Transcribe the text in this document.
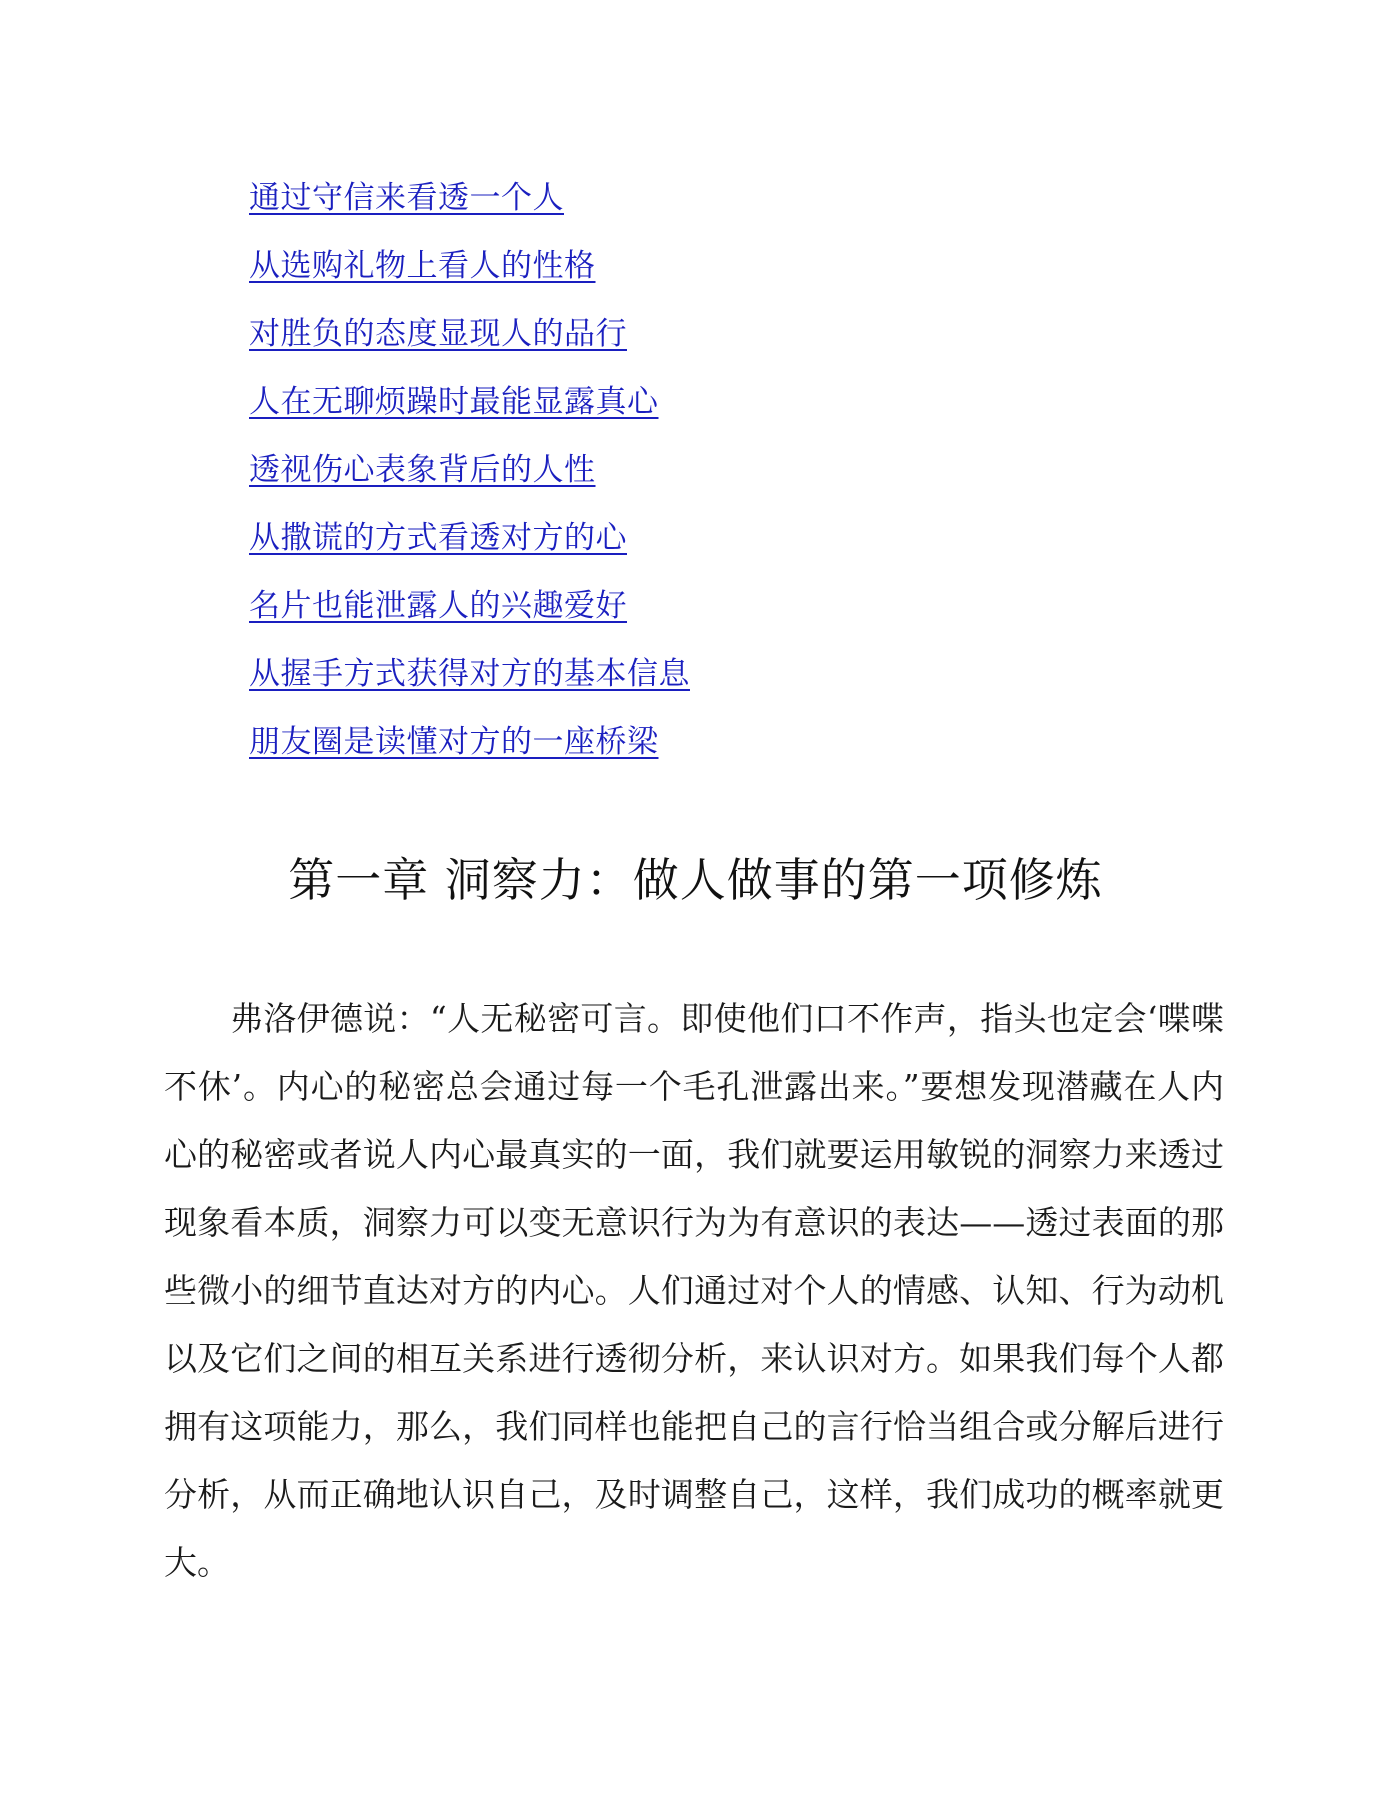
通过守信来看透一个人
从选购礼物上看人的性格
对胜负的态度显现人的品行
人在无聊烦躁时最能显露真心
透视伤心表象背后的人性
从撒谎的方式看透对方的心
名片也能泄露人的兴趣爱好
从握手方式获得对方的基本信息
朋友圈是读懂对方的一座桥梁
第一章 洞察力：做人做事的第一项修炼

弗洛伊德说：“人无秘密可言。即使他们口不作声，指头也定会‘喋喋不休’。内心的秘密总会通过每一个毛孔泄露出来。”要想发现潜藏在人内心的秘密或者说人内心最真实的一面，我们就要运用敏锐的洞察力来透过现象看本质，洞察力可以变无意识行为为有意识的表达——透过表面的那些微小的细节直达对方的内心。人们通过对个人的情感、认知、行为动机以及它们之间的相互关系进行透彻分析，来认识对方。如果我们每个人都拥有这项能力，那么，我们同样也能把自己的言行恰当组合或分解后进行分析，从而正确地认识自己，及时调整自己，这样，我们成功的概率就更大。
